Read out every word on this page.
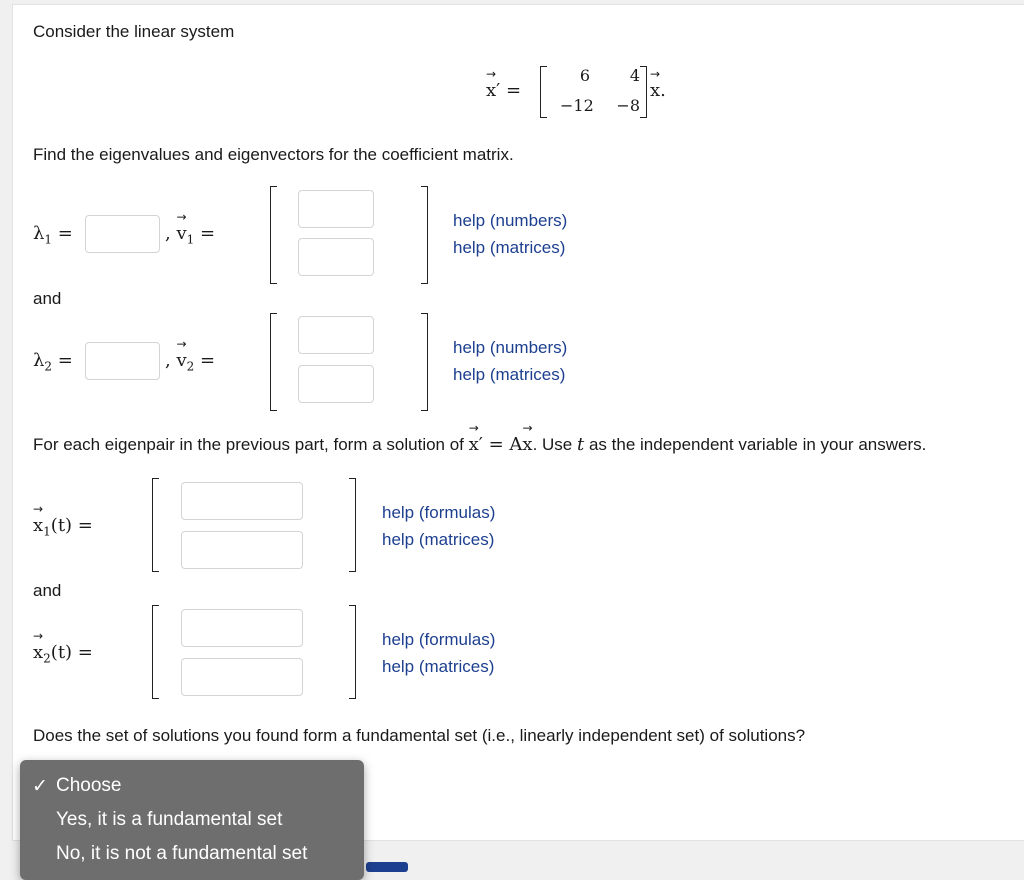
Consider the linear system
→ x′ =
6	4
−12	−8
→ x.
Find the eigenvalues and eigenvectors for the coefficient matrix.
$\lambda_1$ =	, → $v_1$ =
help (numbers)
help (matrices)
and
$\lambda_2$ =	, → $v_2$ =
help (numbers)
help (matrices)
For each eigenpair in the previous part, form a solution of → x′ = A→ x. Use t as the independent variable in your answers.
→ $x_1(t)$ =
help (formulas)
help (matrices)
and
→ $x_2(t)$ =
help (formulas)
help (matrices)
Does the set of solutions you found form a fundamental set (i.e., linearly independent set) of solutions?
✓ Choose
Yes, it is a fundamental set
No, it is not a fundamental set
